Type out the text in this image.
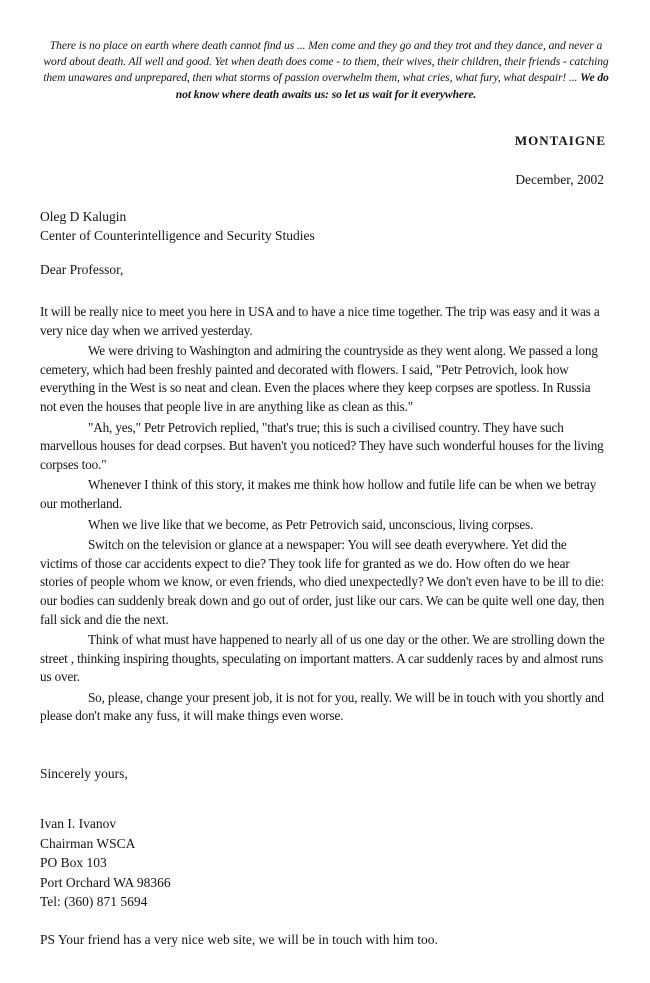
There is no place on earth where death cannot find us ... Men come and they go and they trot and they dance, and never a word about death. All well and good. Yet when death does come - to them, their wives, their children, their friends - catching them unawares and unprepared, then what storms of passion overwhelm them, what cries, what fury, what despair! ... We do not know where death awaits us: so let us wait for it everywhere.
MONTAIGNE
December, 2002
Oleg D Kalugin
Center of Counterintelligence and Security Studies
Dear Professor,

It will be really nice to meet you here in USA and to have a nice time together. The trip was easy and it was a very nice day when we arrived yesterday.

We were driving to Washington and admiring the countryside as they went along. We passed a long cemetery, which had been freshly painted and decorated with flowers. I said, "Petr Petrovich, look how everything in the West is so neat and clean. Even the places where they keep corpses are spotless. In Russia not even the houses that people live in are anything like as clean as this."

"Ah, yes," Petr Petrovich replied, "that's true; this is such a civilised country. They have such marvellous houses for dead corpses. But haven't you noticed? They have such wonderful houses for the living corpses too."

Whenever I think of this story, it makes me think how hollow and futile life can be when we betray our motherland.

When we live like that we become, as Petr Petrovich said, unconscious, living corpses.

Switch on the television or glance at a newspaper: You will see death everywhere. Yet did the victims of those car accidents expect to die? They took life for granted as we do. How often do we hear stories of people whom we know, or even friends, who died unexpectedly? We don't even have to be ill to die: our bodies can suddenly break down and go out of order, just like our cars. We can be quite well one day, then fall sick and die the next.

Think of what must have happened to nearly all of us one day or the other. We are strolling down the street , thinking inspiring thoughts, speculating on important matters. A car suddenly races by and almost runs us over.

So, please, change your present job, it is not for you, really. We will be in touch with you shortly and please don't make any fuss, it will make things even worse.

Sincerely yours,
Ivan I. Ivanov
Chairman WSCA
PO Box 103
Port Orchard WA 98366
Tel: (360) 871 5694
PS Your friend has a very nice web site, we will be in touch with him too.
